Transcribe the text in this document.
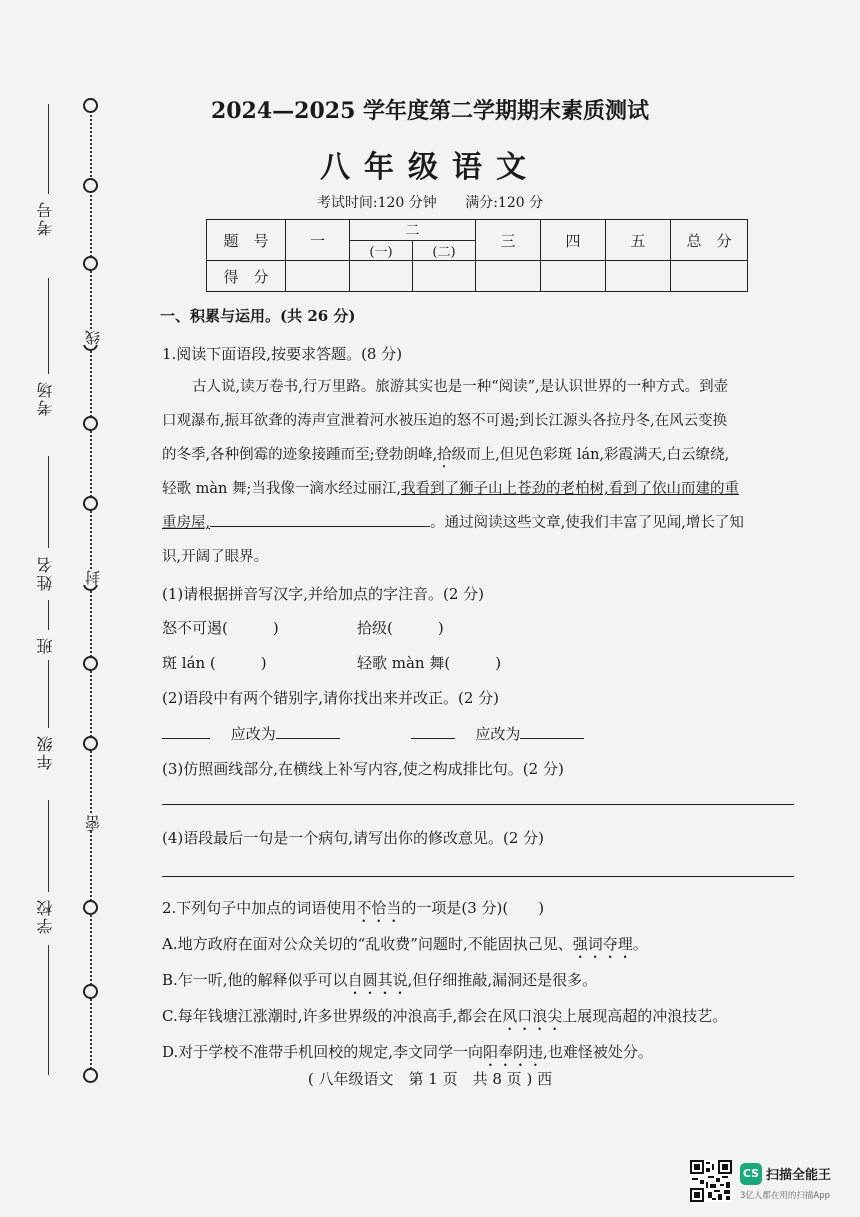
线
封
密
考号
考场
姓名
班
年级
学校
2024—2025 学年度第二学期期末素质测试
八年级语文
考试时间:120 分钟 满分:120 分
题　号	一	二		三	四	五	总　分
		(一)	(二)				
得　分							
一、积累与运用。(共 26 分)
1.阅读下面语段,按要求答题。(8 分)
古人说,读万卷书,行万里路。旅游其实也是一种“阅读”,是认识世界的一种方式。到壶
口观瀑布,振耳欲聋的涛声宣泄着河水被压迫的怒不可遏;到长江源头各拉丹冬,在风云变换
的冬季,各种倒霉的迹象接踵而至;登勃朗峰,拾级而上,但见色彩斑 lán,彩霞满天,白云缭绕,
轻歌 màn 舞;当我像一滴水经过丽江,我看到了狮子山上苍劲的老柏树,看到了依山而建的重
重房屋,	。通过阅读这些文章,使我们丰富了见闻,增长了知
识,开阔了眼界。
(1)请根据拼音写汉字,并给加点的字注音。(2 分)
怒不可遏(　　　)	拾级(　　　)
斑 lán (　　　)	轻歌 màn 舞(　　　)
(2)语段中有两个错别字,请你找出来并改正。(2 分)
应改为	应改为
(3)仿照画线部分,在横线上补写内容,使之构成排比句。(2 分)
(4)语段最后一句是一个病句,请写出你的修改意见。(2 分)
2.下列句子中加点的词语使用不恰当的一项是(3 分)(　　)
A.地方政府在面对公众关切的“乱收费”问题时,不能固执己见、强词夺理。
B.乍一听,他的解释似乎可以自圆其说,但仔细推敲,漏洞还是很多。
C.每年钱塘江涨潮时,许多世界级的冲浪高手,都会在风口浪尖上展现高超的冲浪技艺。
D.对于学校不准带手机回校的规定,李文同学一向阳奉阴违,也难怪被处分。
( 八年级语文　第 1 页　共 8 页 ) 西
CS 扫描全能王
3亿人都在用的扫描App
